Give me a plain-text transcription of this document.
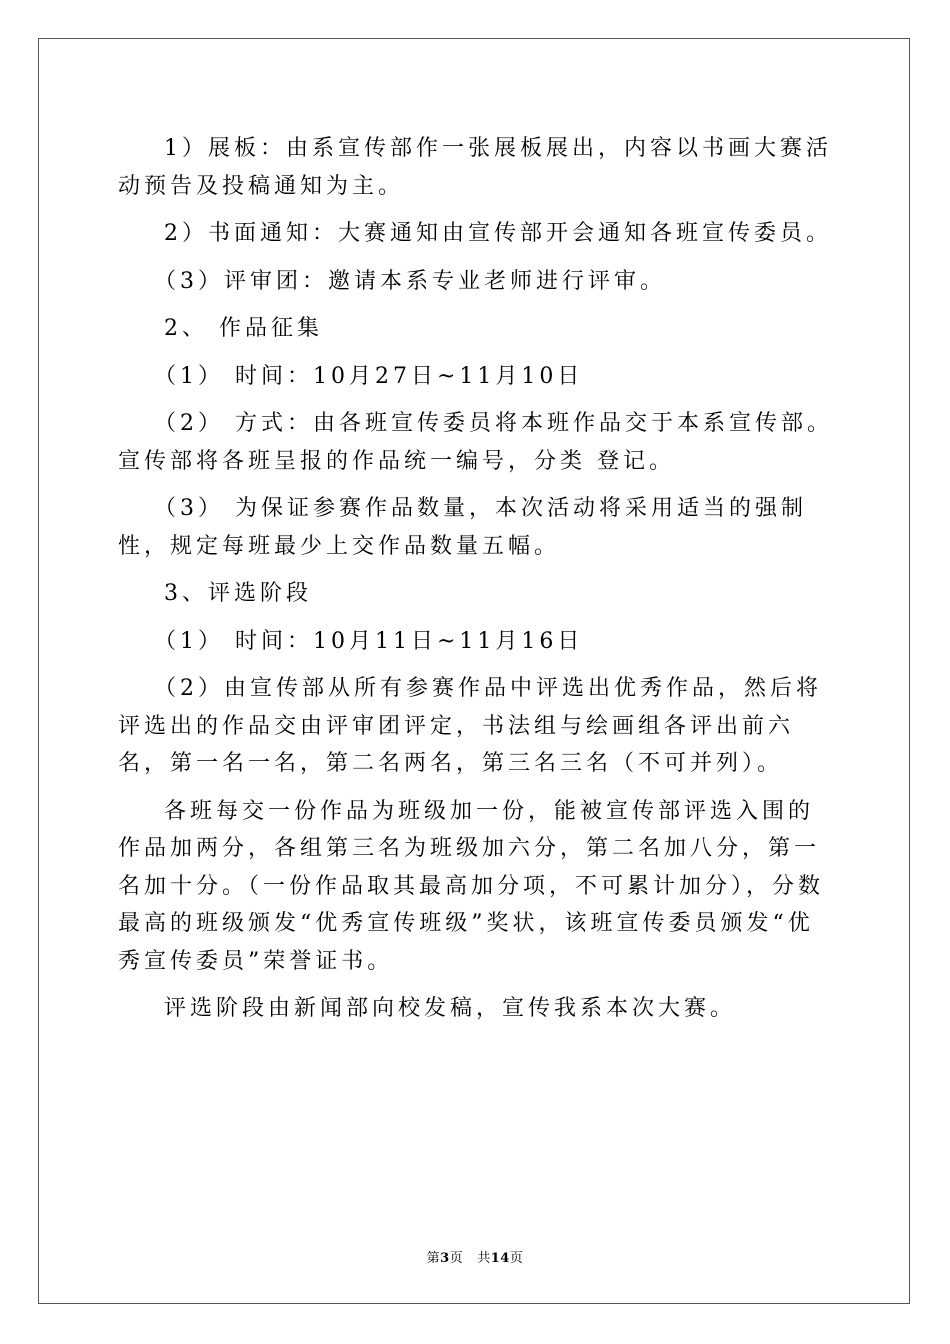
1）展板：由系宣传部作一张展板展出，内容以书画大赛活动预告及投稿通知为主。

2）书面通知：大赛通知由宣传部开会通知各班宣传委员。

（3）评审团：邀请本系专业老师进行评审。

2、 作品征集

（1） 时间：10月27日~11月10日

（2） 方式：由各班宣传委员将本班作品交于本系宣传部。宣传部将各班呈报的作品统一编号，分类 登记。

（3） 为保证参赛作品数量，本次活动将采用适当的强制性，规定每班最少上交作品数量五幅。

3、评选阶段

（1） 时间：10月11日~11月16日

（2）由宣传部从所有参赛作品中评选出优秀作品，然后将评选出的作品交由评审团评定，书法组与绘画组各评出前六名，第一名一名，第二名两名，第三名三名（不可并列）。

各班每交一份作品为班级加一份，能被宣传部评选入围的作品加两分，各组第三名为班级加六分，第二名加八分，第一名加十分。（一份作品取其最高加分项，不可累计加分），分数最高的班级颁发“优秀宣传班级”奖状，该班宣传委员颁发“优秀宣传委员”荣誉证书。

评选阶段由新闻部向校发稿，宣传我系本次大赛。

第3页 共14页
